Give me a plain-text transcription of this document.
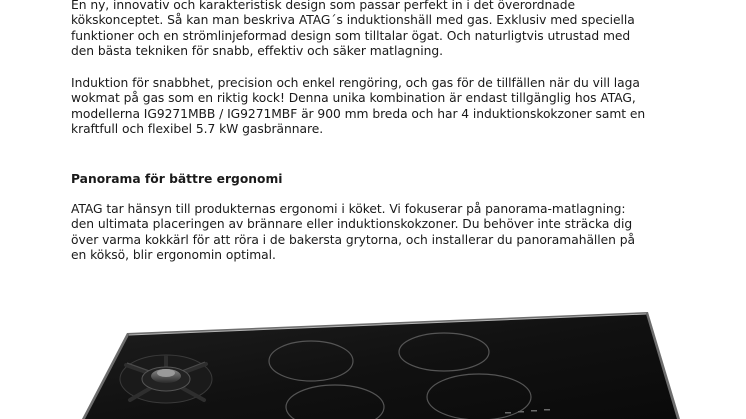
En ny, innovativ och karakteristisk design som passar perfekt in i det överordnade
kökskonceptet. Så kan man beskriva ATAG´s induktionshäll med gas. Exklusiv med speciella
funktioner och en strömlinjeformad design som tilltalar ögat. Och naturligtvis utrustad med
den bästa tekniken för snabb, effektiv och säker matlagning.

Induktion för snabbhet, precision och enkel rengöring, och gas för de tillfällen när du vill laga
wokmat på gas som en riktig kock! Denna unika kombination är endast tillgänglig hos ATAG,
modellerna IG9271MBB / IG9271MBF är 900 mm breda och har 4 induktionskokzoner samt en
kraftfull och flexibel 5.7 kW gasbrännare.

Panorama för bättre ergonomi

ATAG tar hänsyn till produkternas ergonomi i köket. Vi fokuserar på panorama-matlagning:
den ultimata placeringen av brännare eller induktionskokzoner. Du behöver inte sträcka dig
över varma kokkärl för att röra i de bakersta grytorna, och installerar du panoramahällen på
en köksö, blir ergonomin optimal.
